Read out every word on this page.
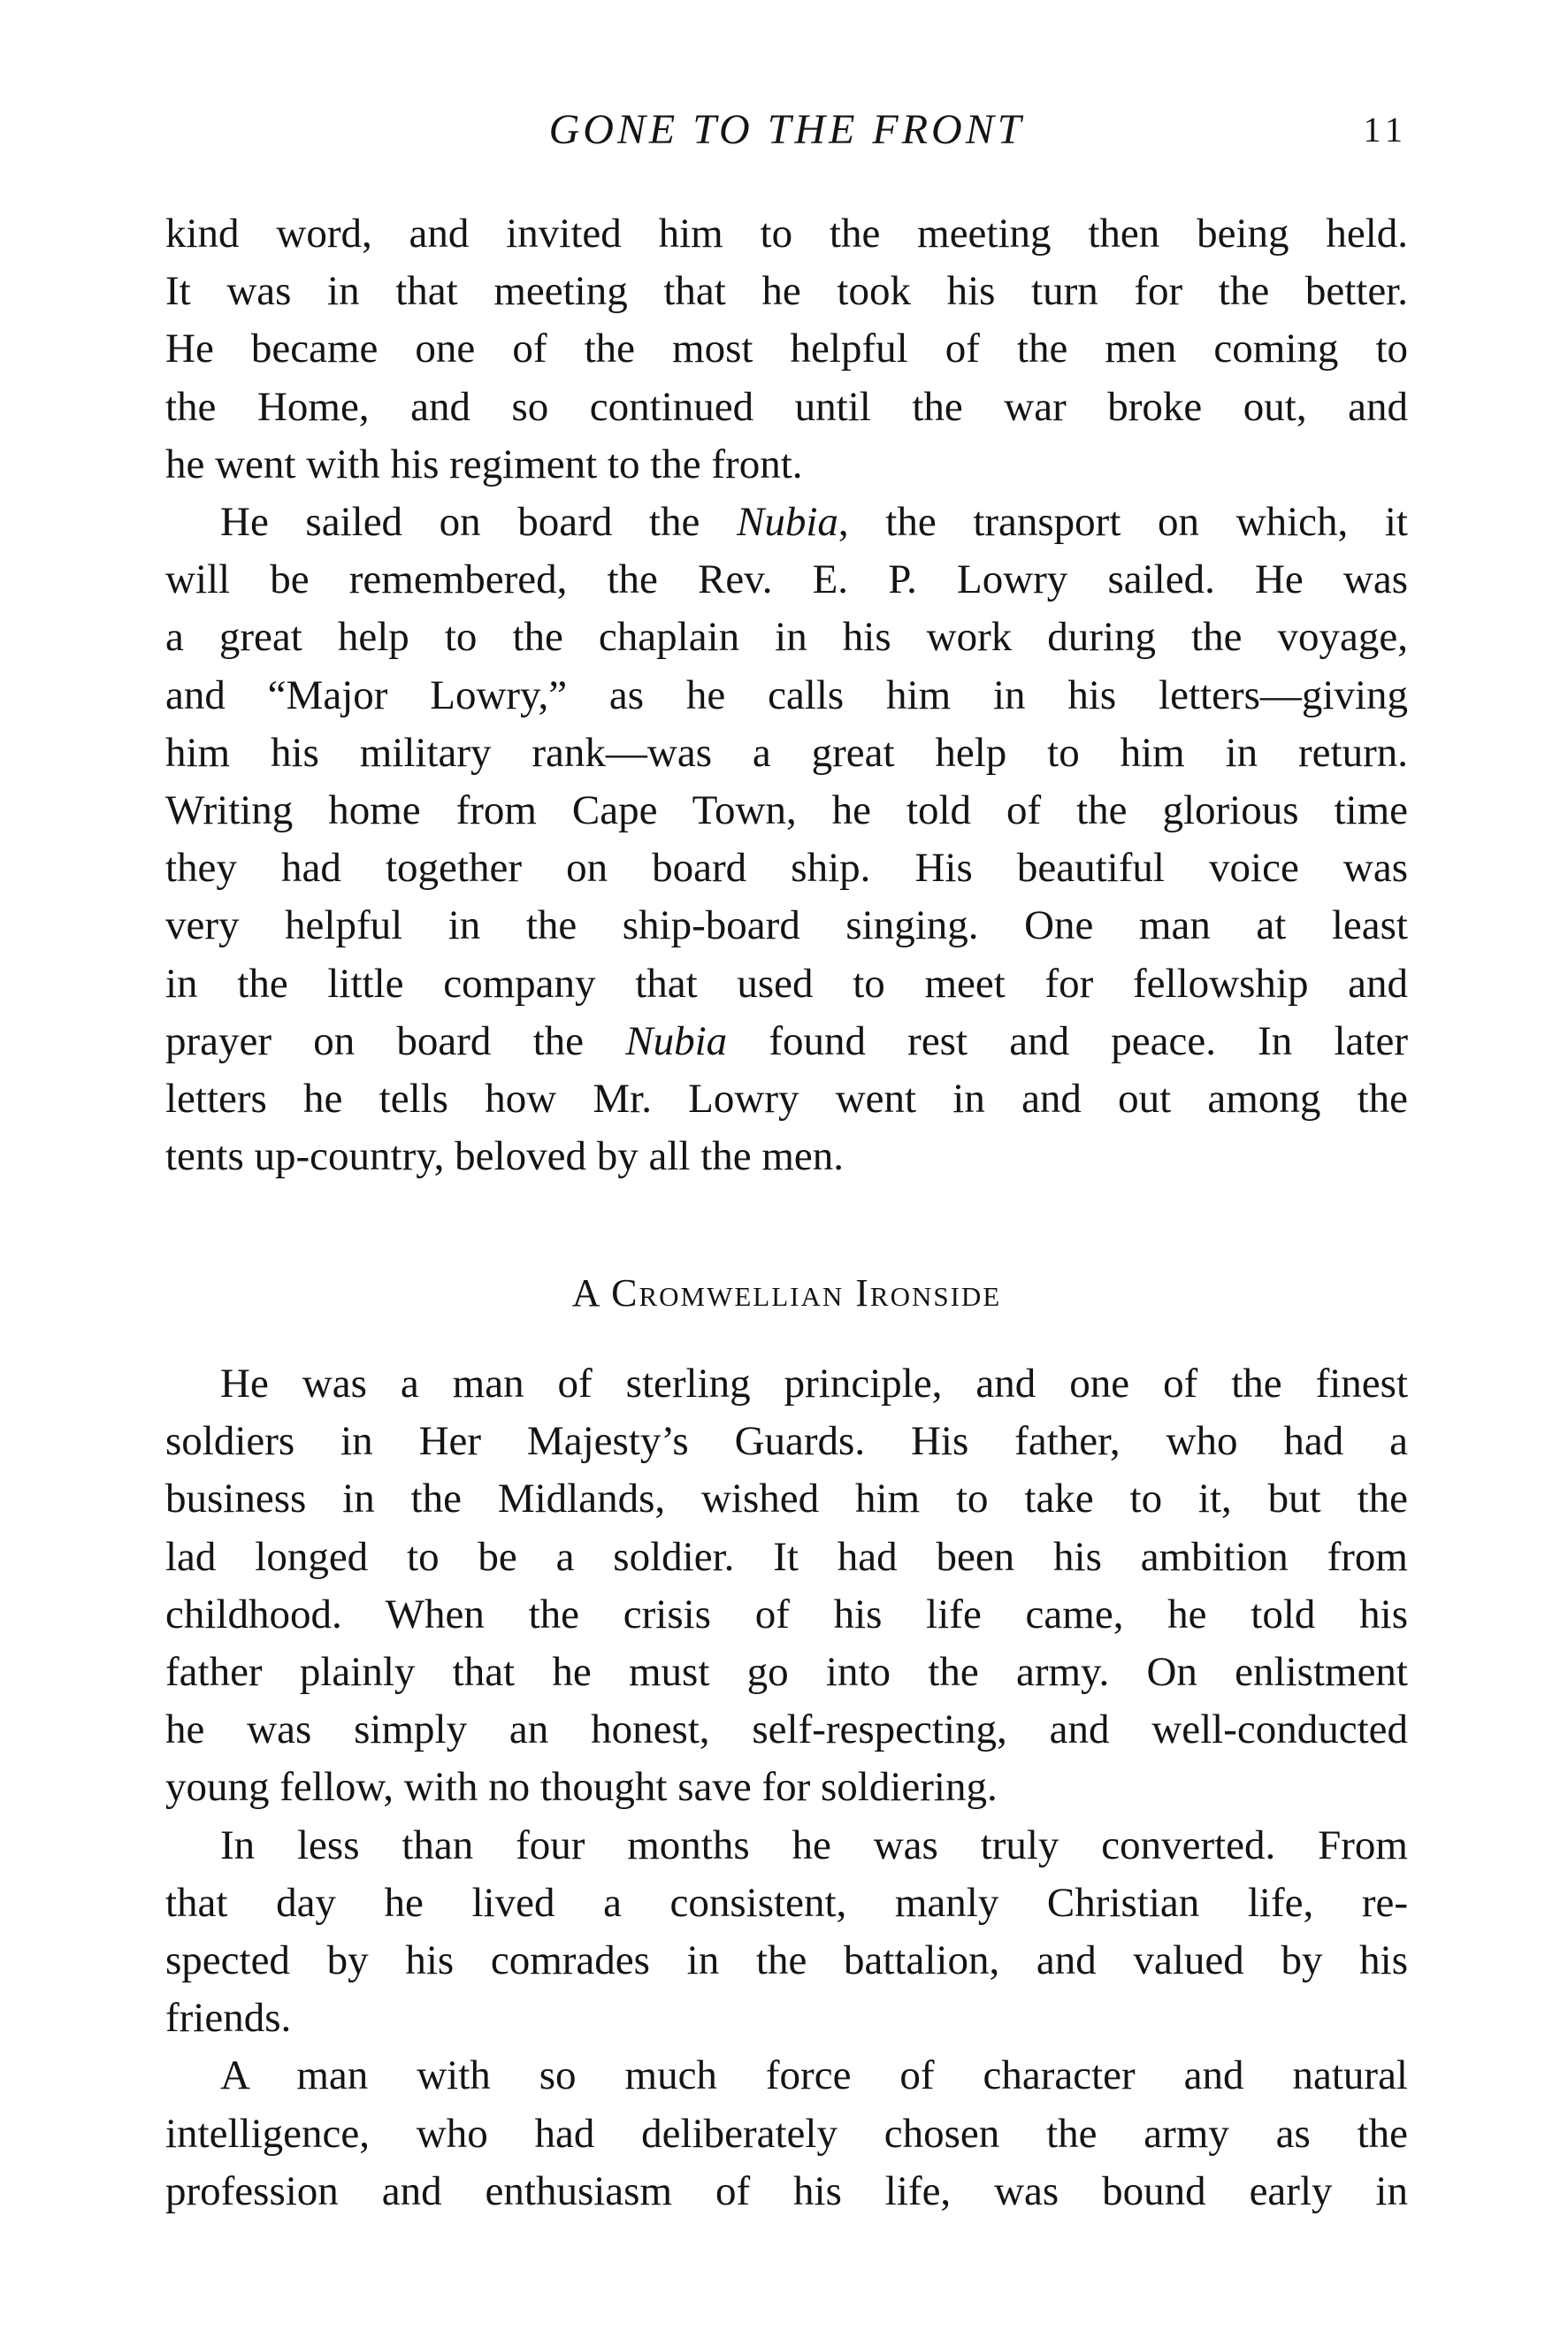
GONE TO THE FRONT	11

kind word, and invited him to the meeting then being held.

It was in that meeting that he took his turn for the better.

He became one of the most helpful of the men coming to

the Home, and so continued until the war broke out, and

he went with his regiment to the front.

He sailed on board the Nubia, the transport on which, it

will be remembered, the Rev. E. P. Lowry sailed. He was

a great help to the chaplain in his work during the voyage,

and “Major Lowry,” as he calls him in his letters—giving

him his military rank—was a great help to him in return.

Writing home from Cape Town, he told of the glorious time

they had together on board ship. His beautiful voice was

very helpful in the ship-board singing. One man at least

in the little company that used to meet for fellowship and

prayer on board the Nubia found rest and peace. In later

letters he tells how Mr. Lowry went in and out among the

tents up-country, beloved by all the men.

A Cromwellian Ironside

He was a man of sterling principle, and one of the finest

soldiers in Her Majesty’s Guards. His father, who had a

business in the Midlands, wished him to take to it, but the

lad longed to be a soldier. It had been his ambition from

childhood. When the crisis of his life came, he told his

father plainly that he must go into the army. On enlistment

he was simply an honest, self-respecting, and well-conducted

young fellow, with no thought save for soldiering.

In less than four months he was truly converted. From

that day he lived a consistent, manly Christian life, re-

spected by his comrades in the battalion, and valued by his

friends.

A man with so much force of character and natural

intelligence, who had deliberately chosen the army as the

profession and enthusiasm of his life, was bound early in
